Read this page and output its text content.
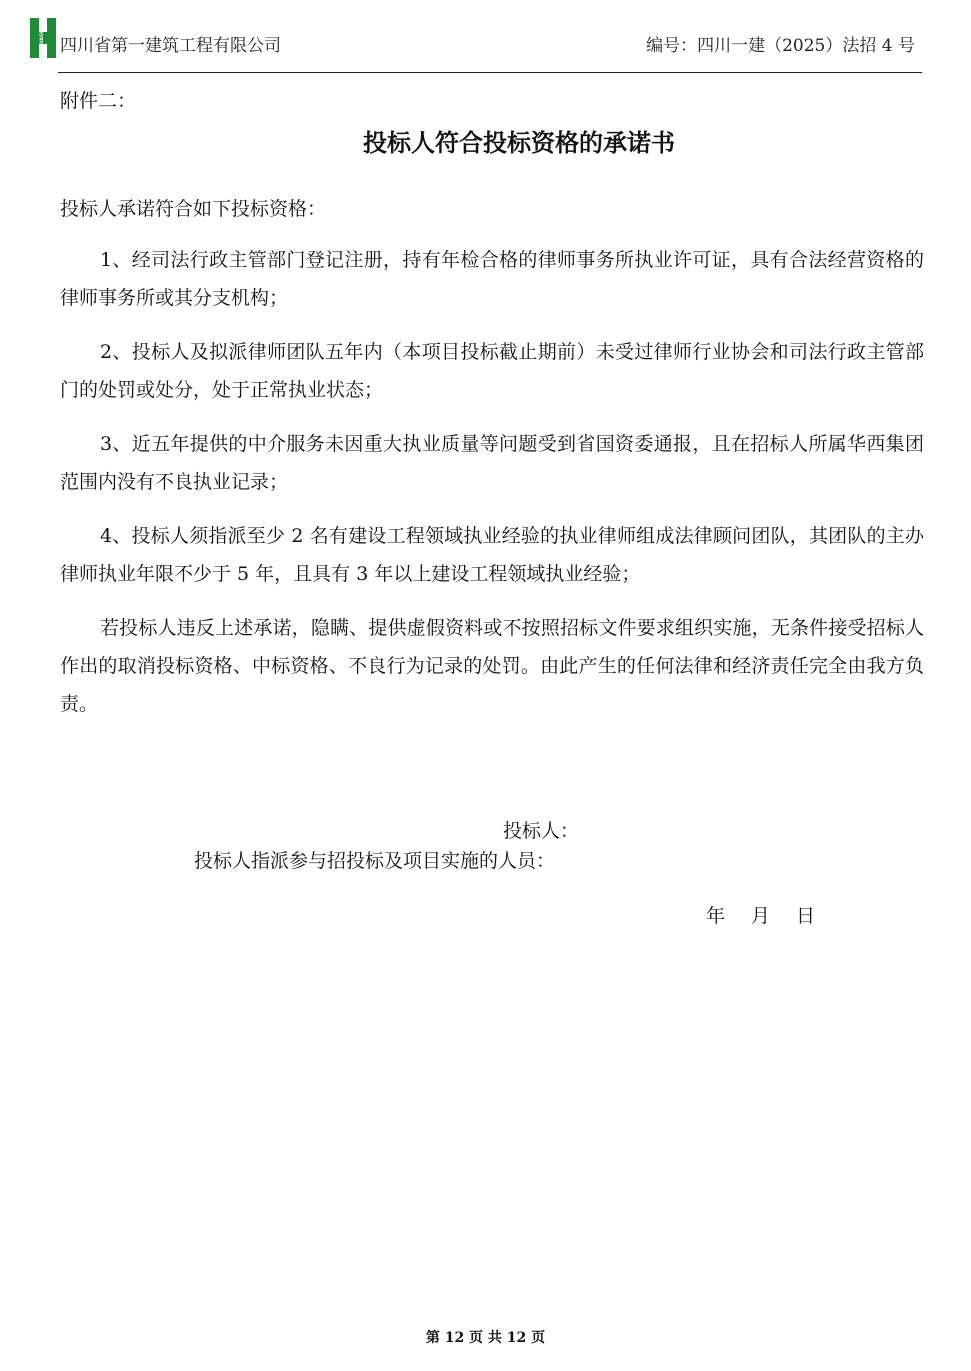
HUASHI 四川省第一建筑工程有限公司	编号：四川一建（2025）法招 4 号
附件二：
投标人符合投标资格的承诺书
投标人承诺符合如下投标资格：
1、经司法行政主管部门登记注册，持有年检合格的律师事务所执业许可证，具有合法经营资格的律师事务所或其分支机构；
2、投标人及拟派律师团队五年内（本项目投标截止期前）未受过律师行业协会和司法行政主管部门的处罚或处分，处于正常执业状态；
3、近五年提供的中介服务未因重大执业质量等问题受到省国资委通报，且在招标人所属华西集团范围内没有不良执业记录；
4、投标人须指派至少 2 名有建设工程领域执业经验的执业律师组成法律顾问团队，其团队的主办律师执业年限不少于 5 年，且具有 3 年以上建设工程领域执业经验；
若投标人违反上述承诺，隐瞒、提供虚假资料或不按照招标文件要求组织实施，无条件接受招标人作出的取消投标资格、中标资格、不良行为记录的处罚。由此产生的任何法律和经济责任完全由我方负责。
投标人：
投标人指派参与招投标及项目实施的人员：
年 月 日
第 12 页 共 12 页
